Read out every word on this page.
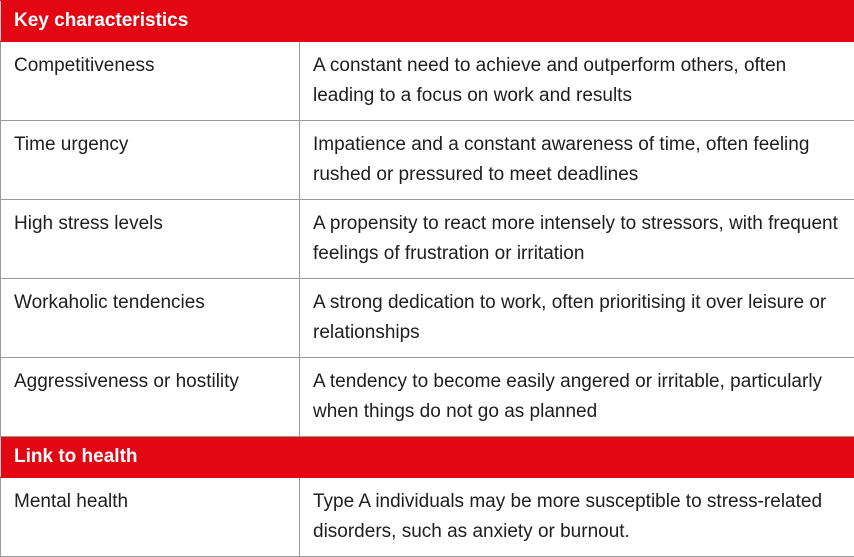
Key characteristics	
Competitiveness	A constant need to achieve and outperform others, often leading to a focus on work and results
Time urgency	Impatience and a constant awareness of time, often feeling rushed or pressured to meet deadlines
High stress levels	A propensity to react more intensely to stressors, with frequent feelings of frustration or irritation
Workaholic tendencies	A strong dedication to work, often prioritising it over leisure or relationships
Aggressiveness or hostility	A tendency to become easily angered or irritable, particularly when things do not go as planned
Link to health	
Mental health	Type A individuals may be more susceptible to stress-related disorders, such as anxiety or burnout.
